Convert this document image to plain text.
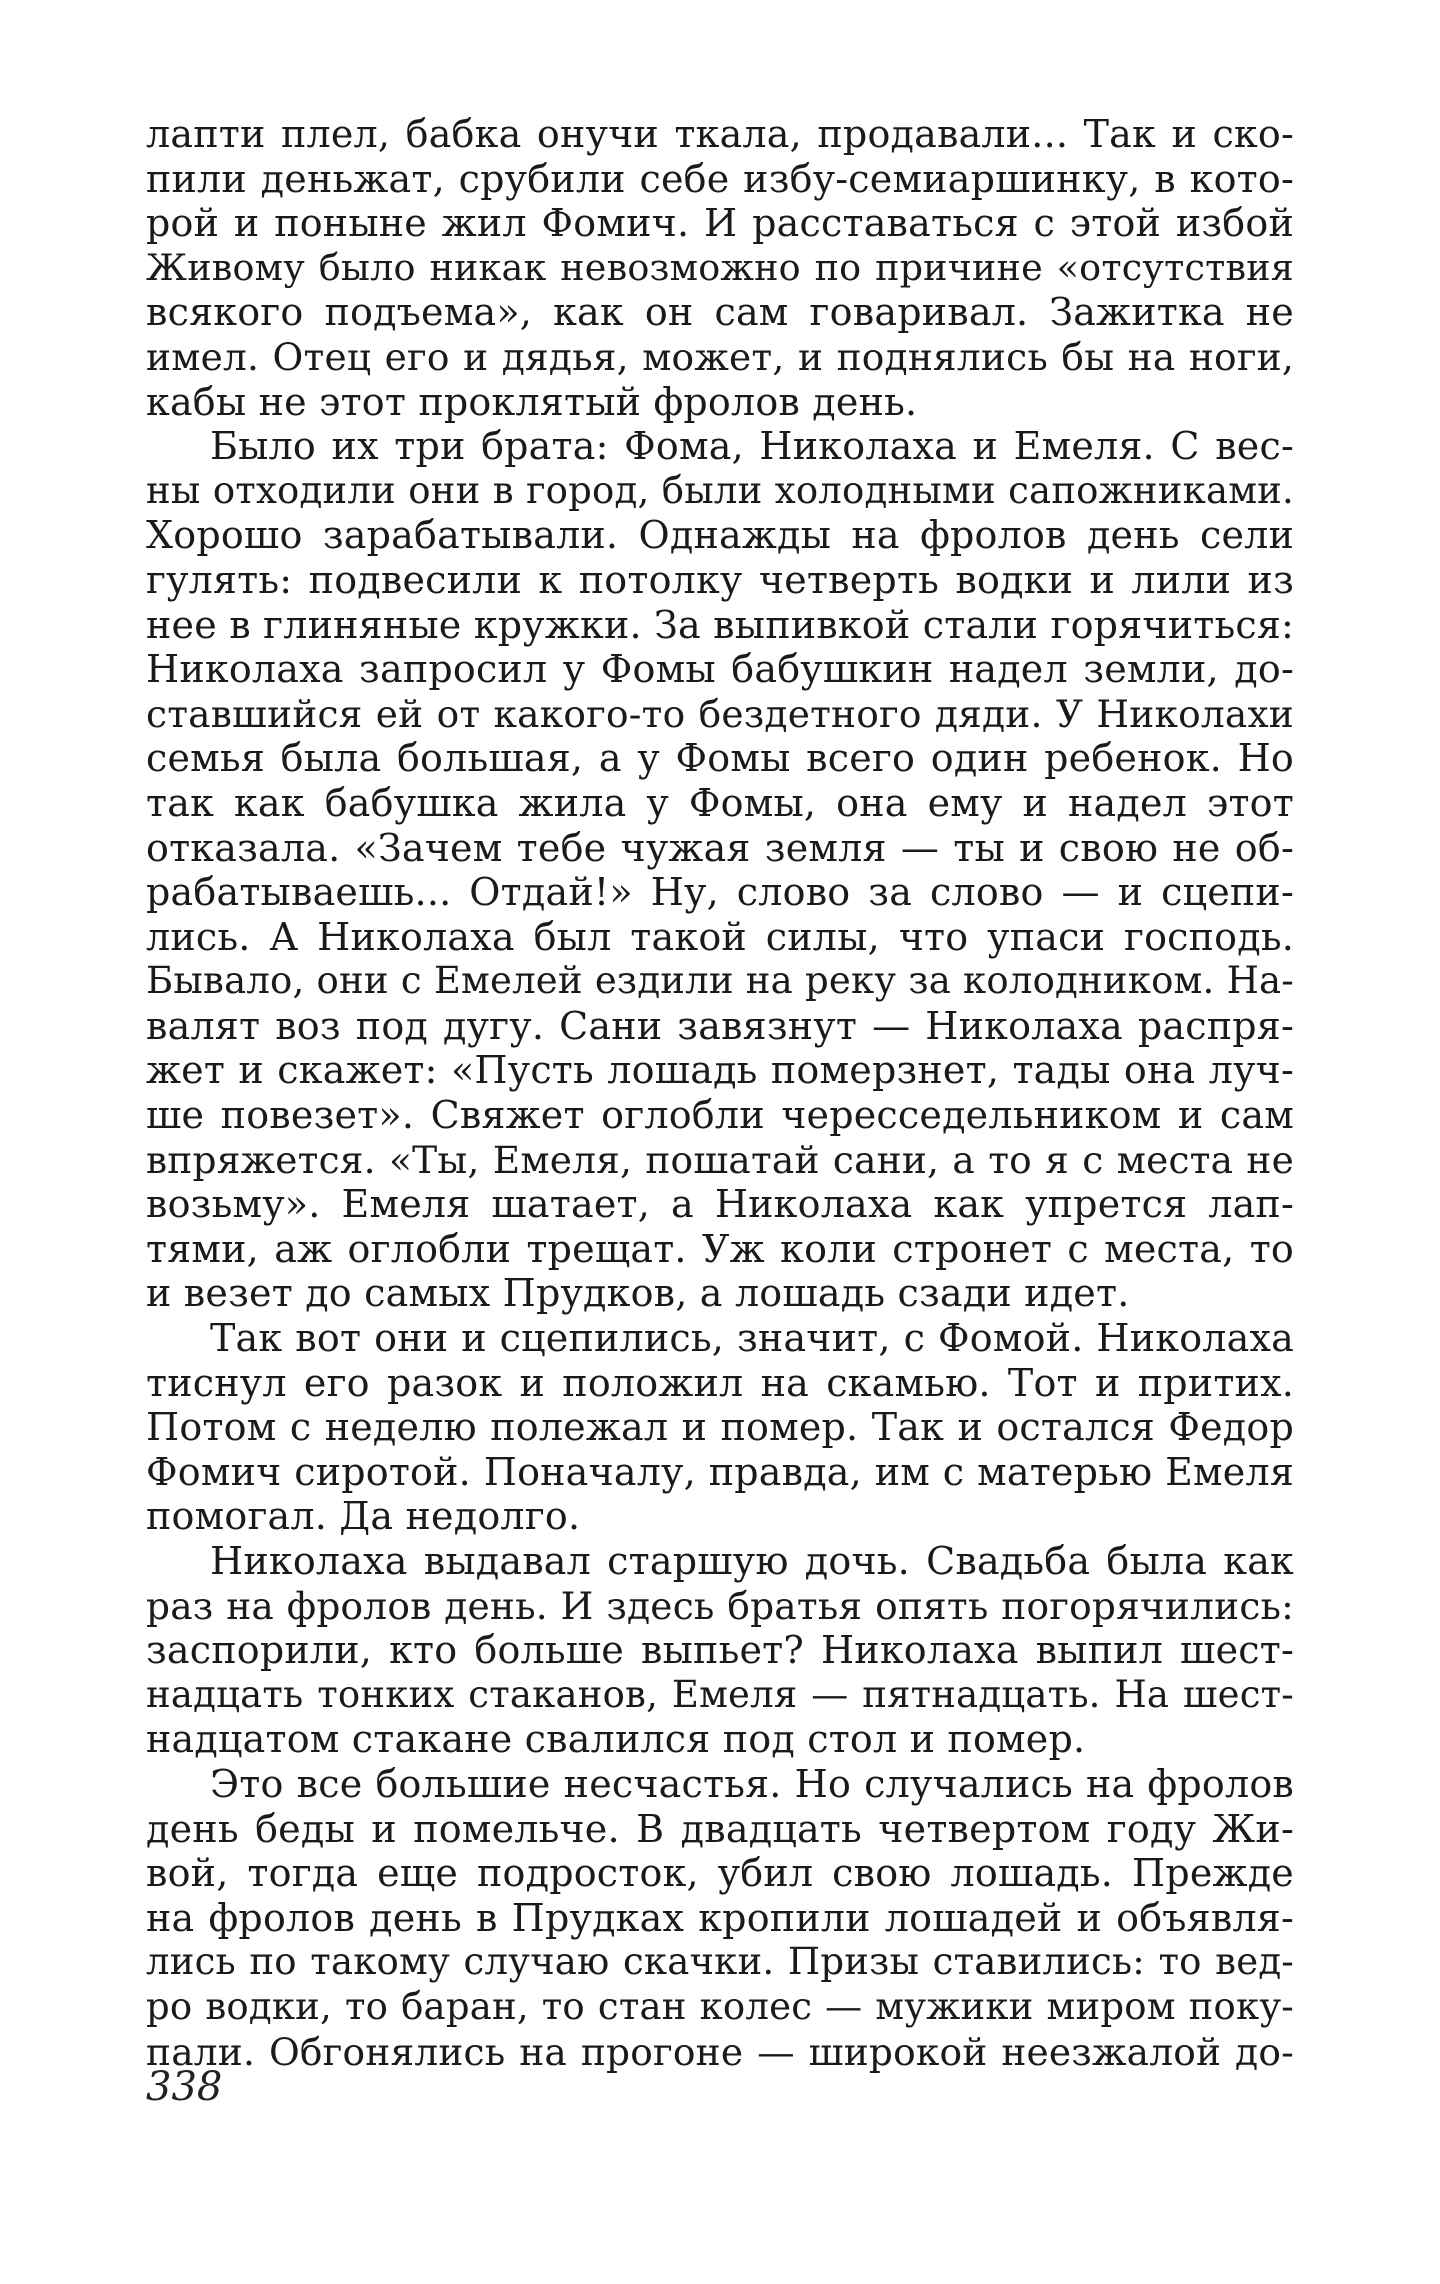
лапти плел, бабка онучи ткала, продавали... Так и ско-
пили деньжат, срубили себе избу-семиаршинку, в кото-
рой и поныне жил Фомич. И расставаться с этой избой
Живому было никак невозможно по причине «отсутствия
всякого подъема», как он сам говаривал. Зажитка не
имел. Отец его и дядья, может, и поднялись бы на ноги,
кабы не этот проклятый фролов день.
Было их три брата: Фома, Николаха и Емеля. С вес-
ны отходили они в город, были холодными сапожниками.
Хорошо зарабатывали. Однажды на фролов день сели
гулять: подвесили к потолку четверть водки и лили из
нее в глиняные кружки. За выпивкой стали горячиться:
Николаха запросил у Фомы бабушкин надел земли, до-
ставшийся ей от какого-то бездетного дяди. У Николахи
семья была большая, а у Фомы всего один ребенок. Но
так как бабушка жила у Фомы, она ему и надел этот
отказала. «Зачем тебе чужая земля — ты и свою не об-
рабатываешь... Отдай!» Ну, слово за слово — и сцепи-
лись. А Николаха был такой силы, что упаси господь.
Бывало, они с Емелей ездили на реку за колодником. На-
валят воз под дугу. Сани завязнут — Николаха распря-
жет и скажет: «Пусть лошадь померзнет, тады она луч-
ше повезет». Свяжет оглобли чересседельником и сам
впряжется. «Ты, Емеля, пошатай сани, а то я с места не
возьму». Емеля шатает, а Николаха как упрется лап-
тями, аж оглобли трещат. Уж коли стронет с места, то
и везет до самых Прудков, а лошадь сзади идет.
Так вот они и сцепились, значит, с Фомой. Николаха
тиснул его разок и положил на скамью. Тот и притих.
Потом с неделю полежал и помер. Так и остался Федор
Фомич сиротой. Поначалу, правда, им с матерью Емеля
помогал. Да недолго.
Николаха выдавал старшую дочь. Свадьба была как
раз на фролов день. И здесь братья опять погорячились:
заспорили, кто больше выпьет? Николаха выпил шест-
надцать тонких стаканов, Емеля — пятнадцать. На шест-
надцатом стакане свалился под стол и помер.
Это все большие несчастья. Но случались на фролов
день беды и помельче. В двадцать четвертом году Жи-
вой, тогда еще подросток, убил свою лошадь. Прежде
на фролов день в Прудках кропили лошадей и объявля-
лись по такому случаю скачки. Призы ставились: то вед-
ро водки, то баран, то стан колес — мужики миром поку-
пали. Обгонялись на прогоне — широкой неезжалой до-
338
